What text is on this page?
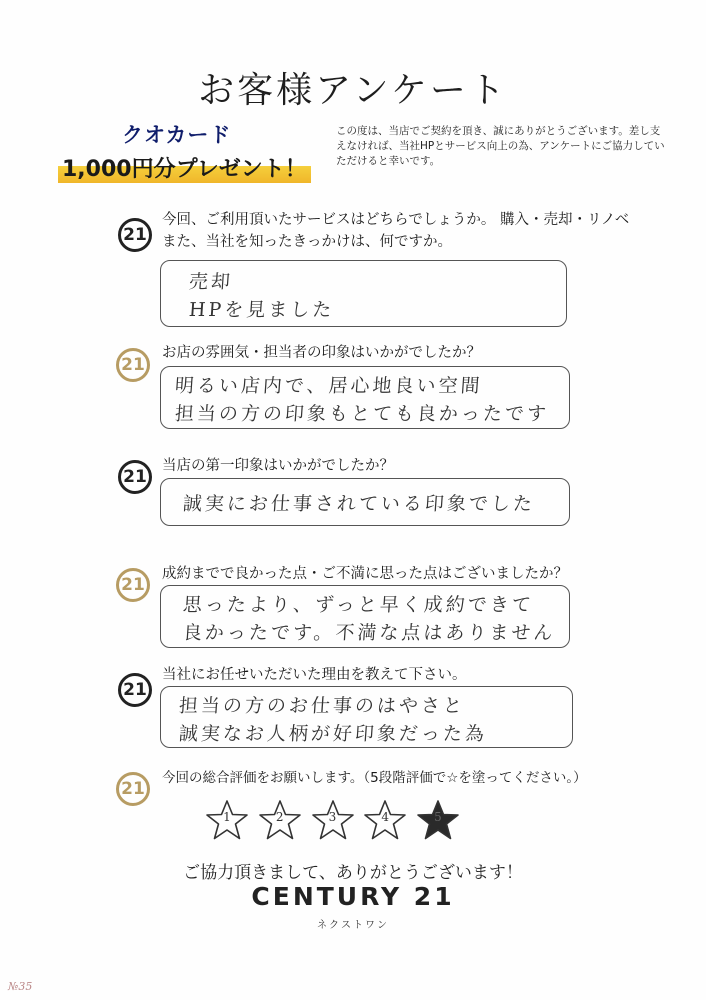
お客様アンケート
クオカード
1,000円分プレゼント！
この度は、当店でご契約を頂き、誠にありがとうございます。差し支えなければ、当社HPとサービス向上の為、アンケートにご協力していただけると幸いです。
21
今回、ご利用頂いたサービスはどちらでしょうか。 購入・売却・リノベ
また、当社を知ったきっかけは、何ですか。
売却
HPを見ました
21
お店の雰囲気・担当者の印象はいかがでしたか？
明るい店内で、居心地良い空間
担当の方の印象もとても良かったです
21
当店の第一印象はいかがでしたか？
誠実にお仕事されている印象でした
21
成約までで良かった点・ご不満に思った点はございましたか？
思ったより、ずっと早く成約できて
良かったです。不満な点はありません
21
当社にお任せいただいた理由を教えて下さい。
担当の方のお仕事のはやさと
誠実なお人柄が好印象だった為
21
今回の総合評価をお願いします。（5段階評価で☆を塗ってください。）
1	2	3	4	5
ご協力頂きまして、ありがとうございます！
CENTURY 21
ネクストワン
№35
